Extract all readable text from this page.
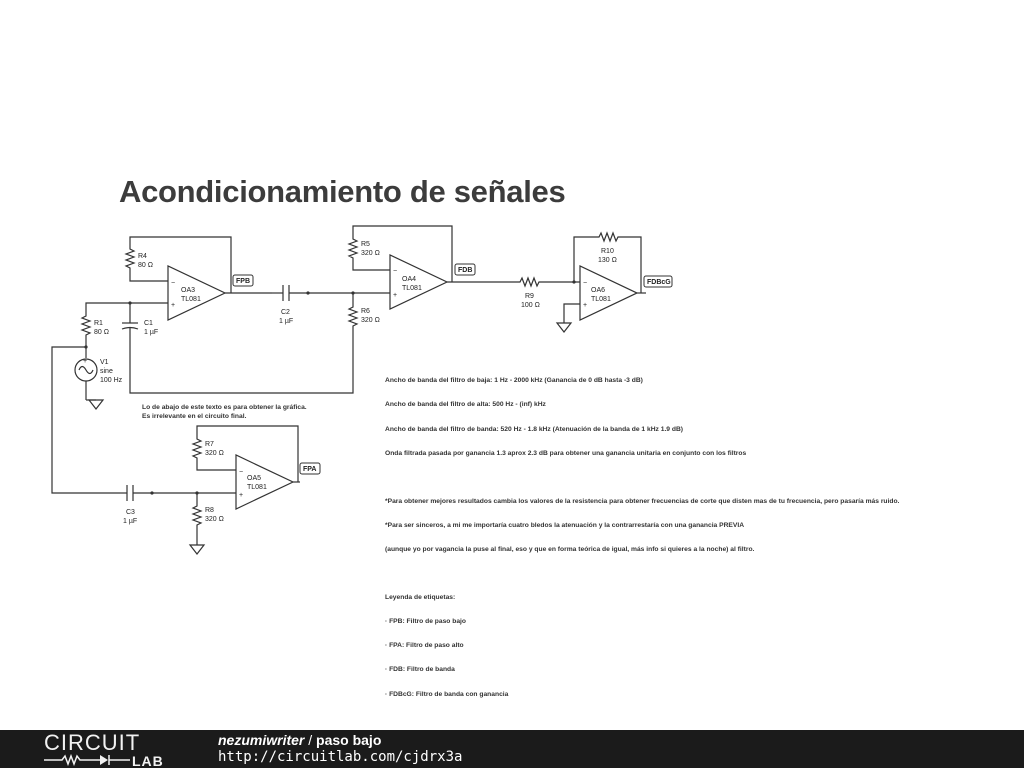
Acondicionamiento de señales
−
+
OA3
TL081
R4
80 Ω
R1
80 Ω
C1
1 µF
+ V1
sine
100 Hz
FPB
C2
1 µF
R6
320 Ω
−
+
OA4
TL081
R5
320 Ω
FDB
R9
100 Ω
−
+
OA6
TL081
R10
130 Ω
FDBcG
C3
1 µF
R8
320 Ω
−
+
OA5
TL081
R7
320 Ω
FPA
Lo de abajo de este texto es para obtener la gráfica.
Es irrelevante en el circuito final.

Ancho de banda del filtro de baja: 1 Hz - 2000 kHz (Ganancia de 0 dB hasta -3 dB)

Ancho de banda del filtro de alta: 500 Hz - (inf) kHz

Ancho de banda del filtro de banda: 520 Hz - 1.8 kHz (Atenuación de la banda de 1 kHz 1.9 dB)

Onda filtrada pasada por ganancia 1.3 aprox 2.3 dB para obtener una ganancia unitaria en conjunto con los filtros

*Para obtener mejores resultados cambia los valores de la resistencia para obtener frecuencias de corte que disten mas de tu frecuencia, pero pasaría más ruido.

*Para ser sinceros, a mi me importaría cuatro bledos la atenuación y la contrarrestaría con una ganancia PREVIA

(aunque yo por vagancia la puse al final, eso y que en forma teórica de igual, más info si quieres a la noche) al filtro.

Leyenda de etiquetas:

· FPB: Filtro de paso bajo

· FPA: Filtro de paso alto

· FDB: Filtro de banda

· FDBcG: Filtro de banda con ganancia

CIRCUIT
LAB
nezumiwriter / paso bajo
http://circuitlab.com/cjdrx3a
